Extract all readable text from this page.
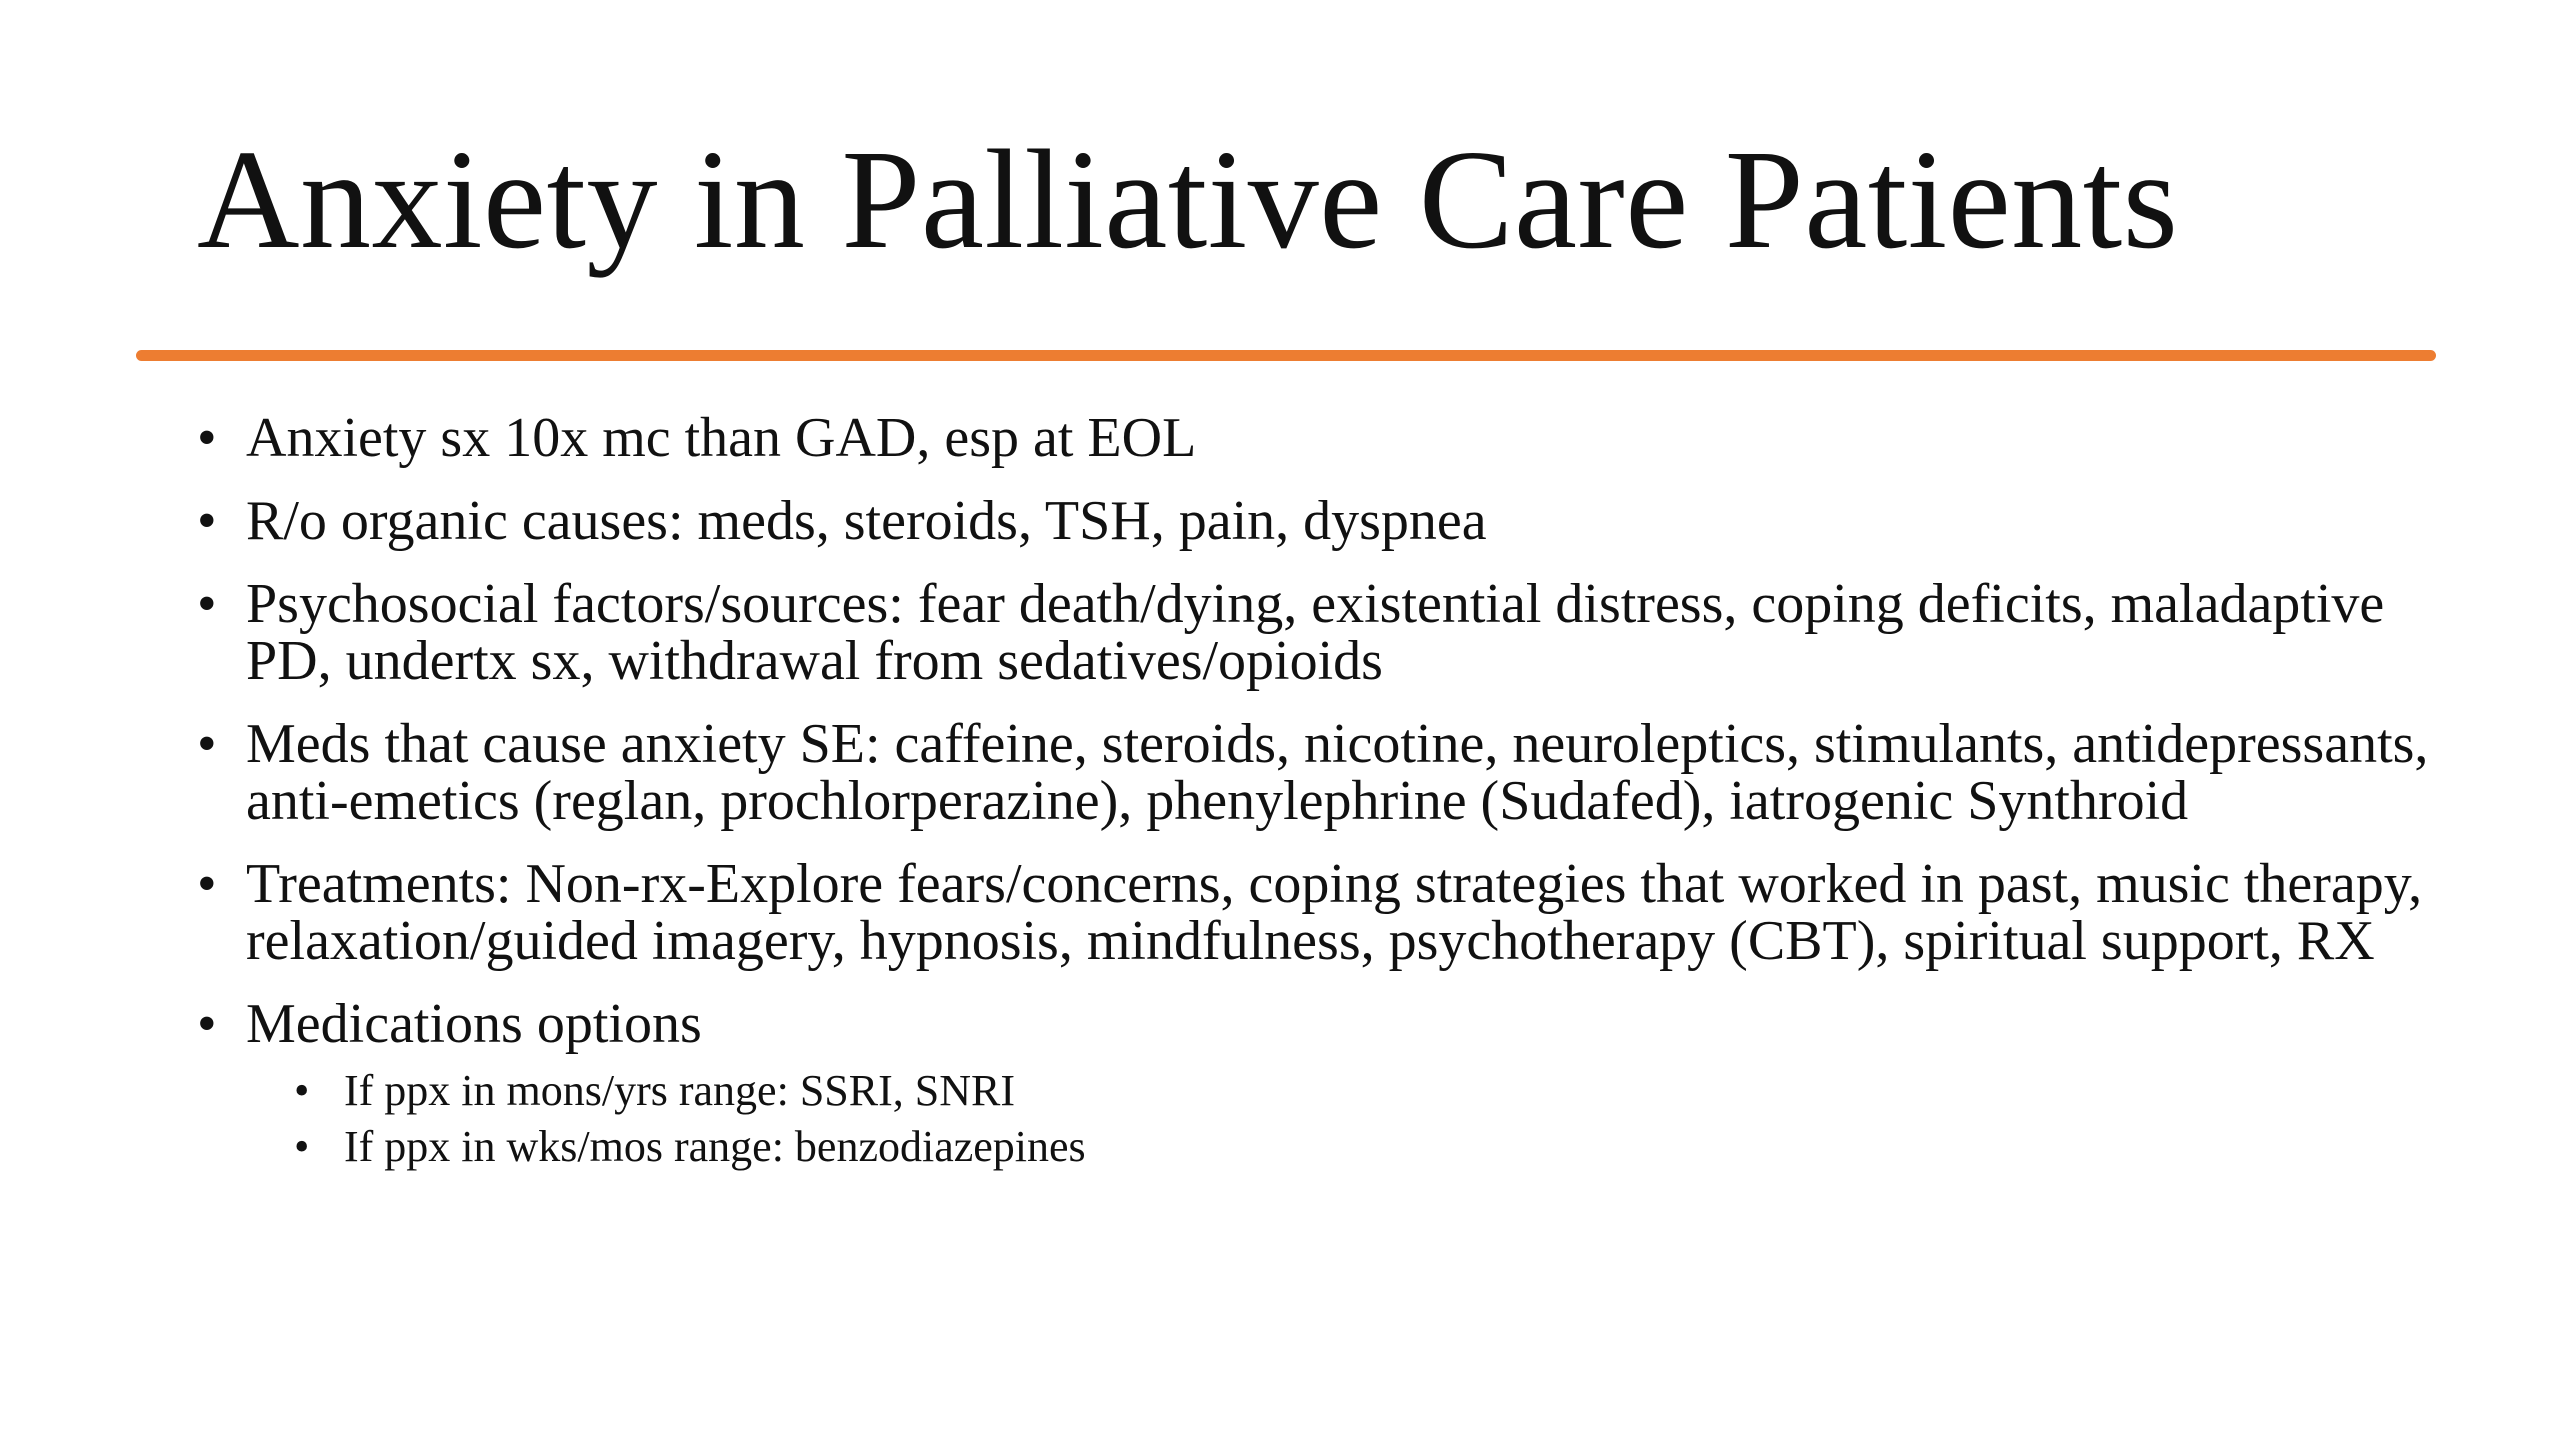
Anxiety in Palliative Care Patients
• Anxiety sx 10x mc than GAD, esp at EOL
• R/o organic causes: meds, steroids, TSH, pain, dyspnea
• Psychosocial factors/sources: fear death/dying, existential distress, coping deficits, maladaptive PD, undertx sx, withdrawal from sedatives/opioids
• Meds that cause anxiety SE: caffeine, steroids, nicotine, neuroleptics, stimulants, antidepressants, anti-emetics (reglan, prochlorperazine), phenylephrine (Sudafed), iatrogenic Synthroid
• Treatments: Non-rx-Explore fears/concerns, coping strategies that worked in past, music therapy, relaxation/guided imagery, hypnosis, mindfulness, psychotherapy (CBT), spiritual support, RX
• Medications options
• If ppx in mons/yrs range: SSRI, SNRI
• If ppx in wks/mos range: benzodiazepines
